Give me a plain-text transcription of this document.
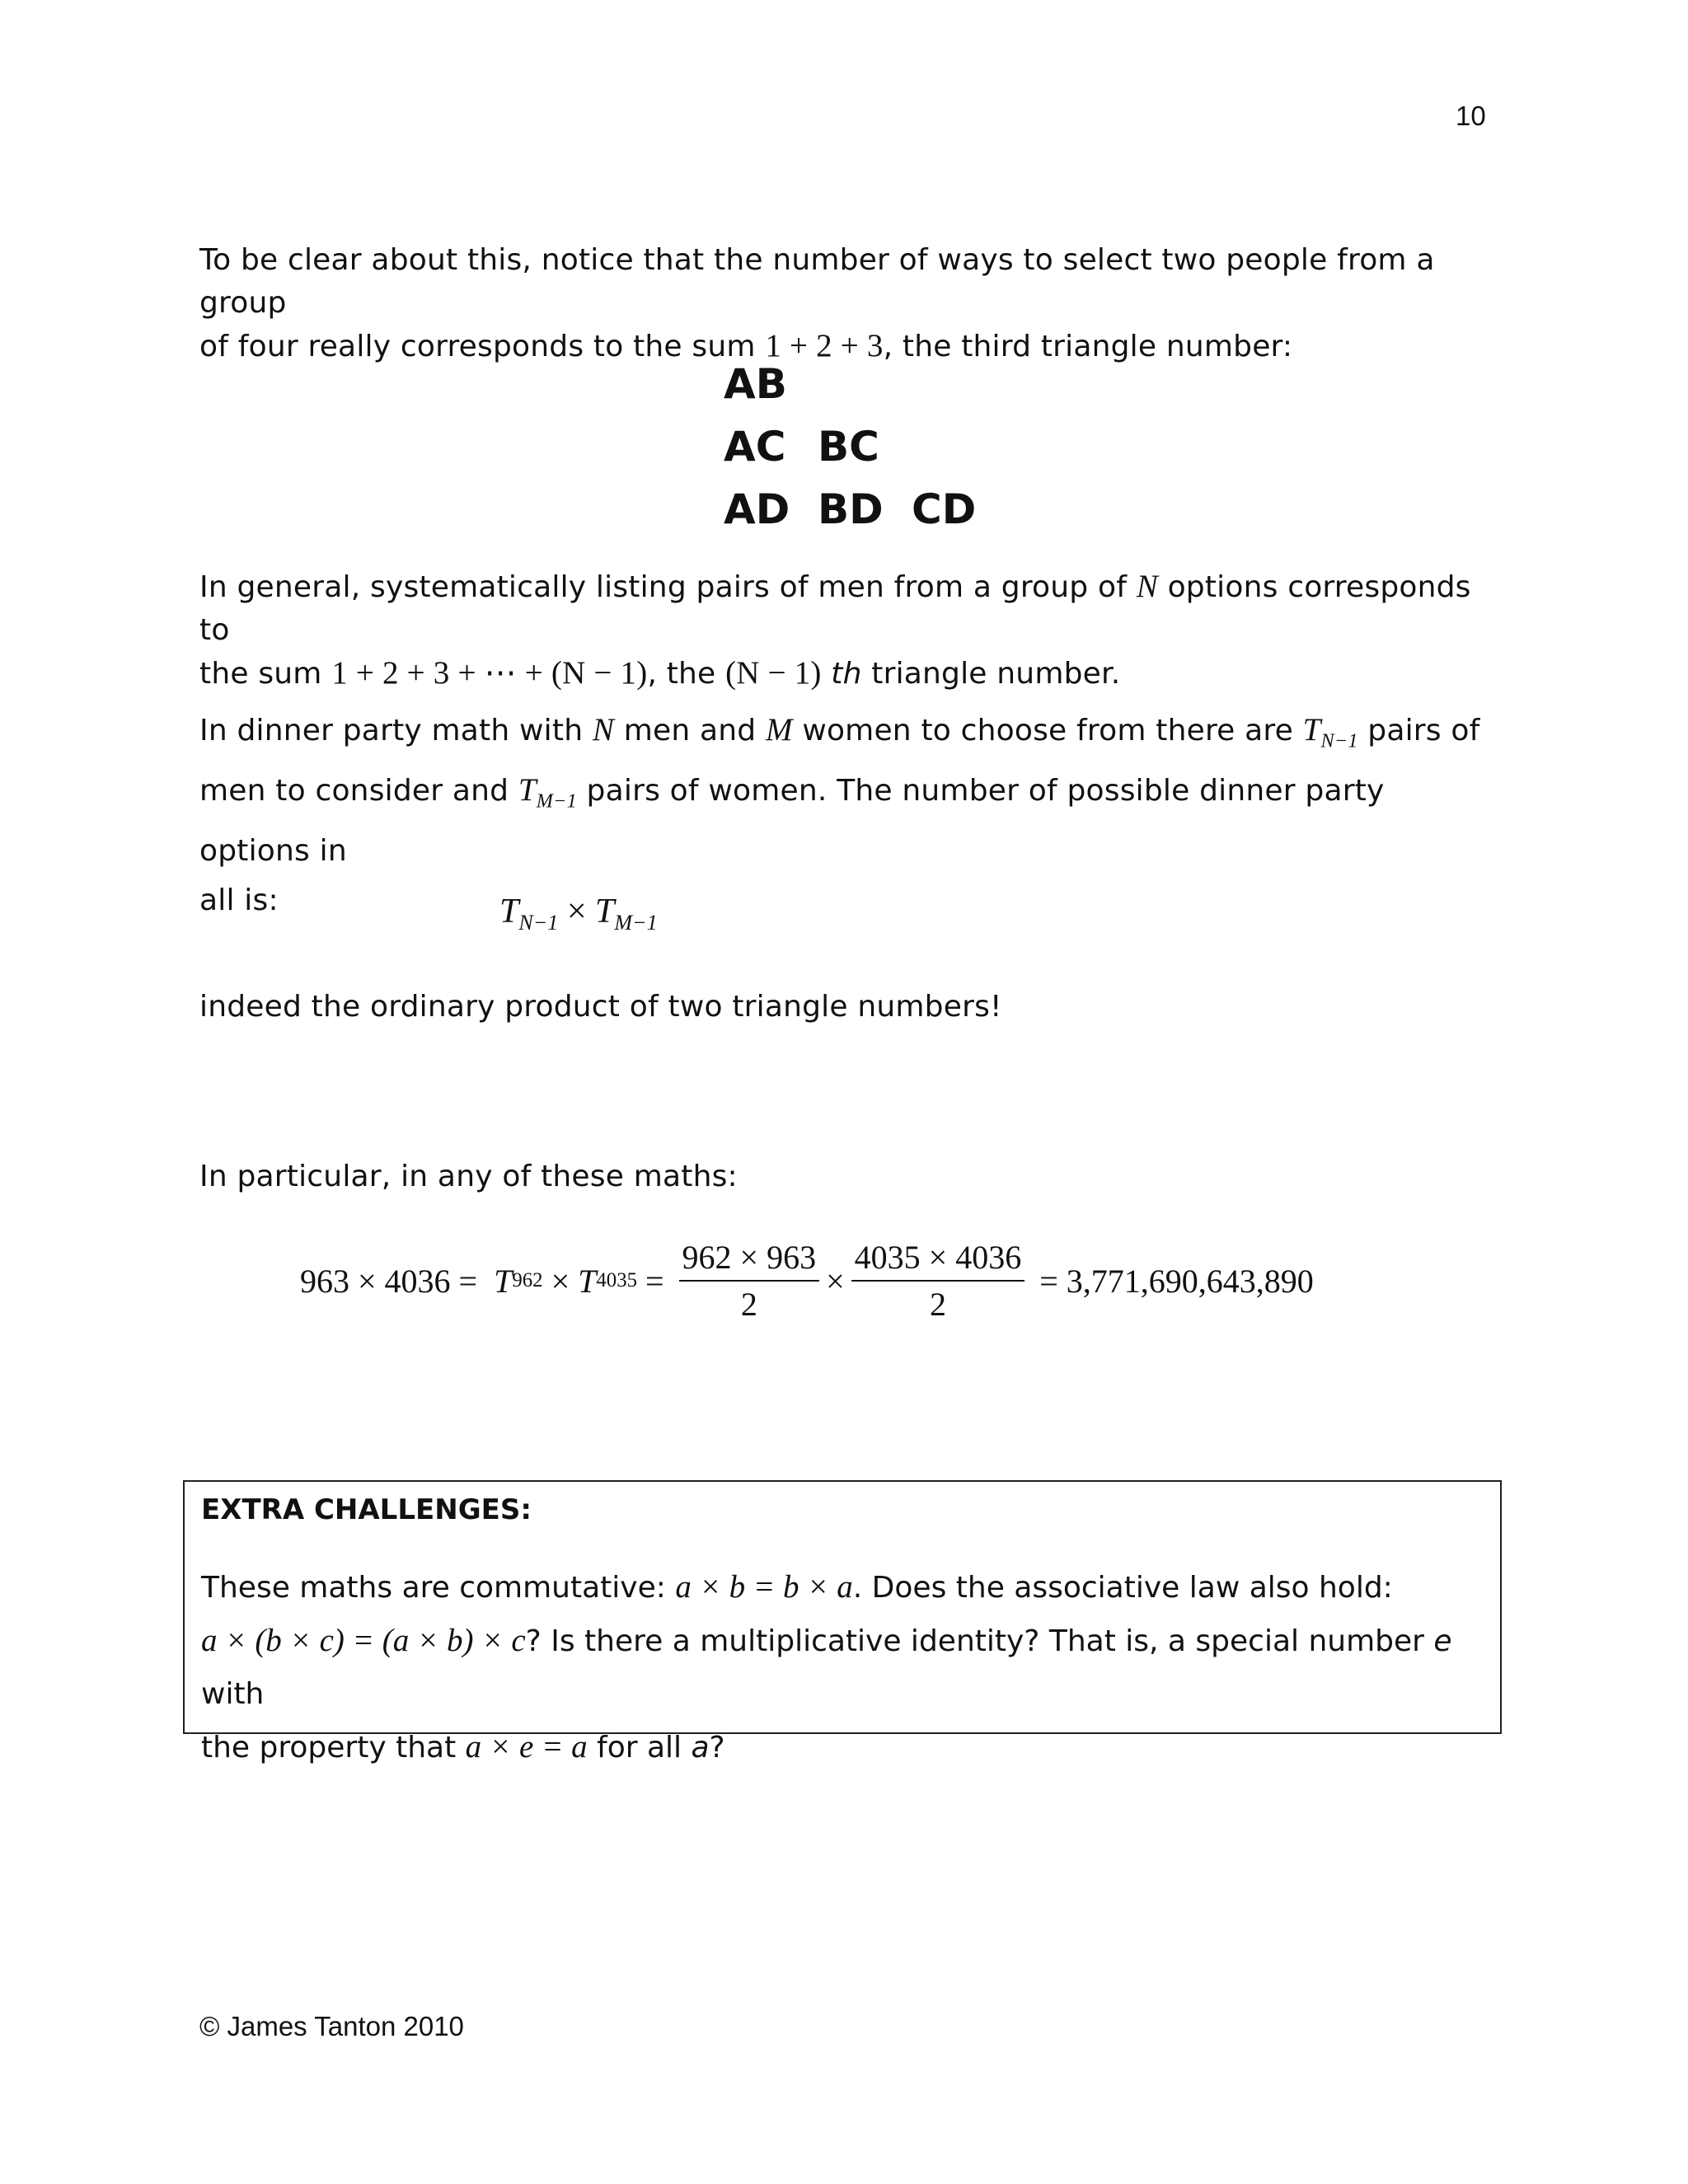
10
To be clear about this, notice that the number of ways to select two people from a group
of four really corresponds to the sum 1 + 2 + 3, the third triangle number:
AB
AC BC
AD BD CD
In general, systematically listing pairs of men from a group of N options corresponds to
the sum 1 + 2 + 3 + ⋯ + (N − 1), the (N − 1) th triangle number.
In dinner party math with N men and M women to choose from there are $T_{N-1}$ pairs of
men to consider and $T_{M-1}$ pairs of women. The number of possible dinner party options in
all is:	$T_{N-1} \times T_{M-1}$
indeed the ordinary product of two triangle numbers!
In particular, in any of these maths:
963 × 4036 = T 962 × T $4035 = \frac{962 \times 963}{2} \times \frac{4035 \times 4036}{2} = 3,771,690,643,890$
EXTRA CHALLENGES:
These maths are commutative: a × b = b × a. Does the associative law also hold:
a × (b × c) = (a × b) × c? Is there a multiplicative identity? That is, a special number e with
the property that a × e = a for all a?
© James Tanton 2010
